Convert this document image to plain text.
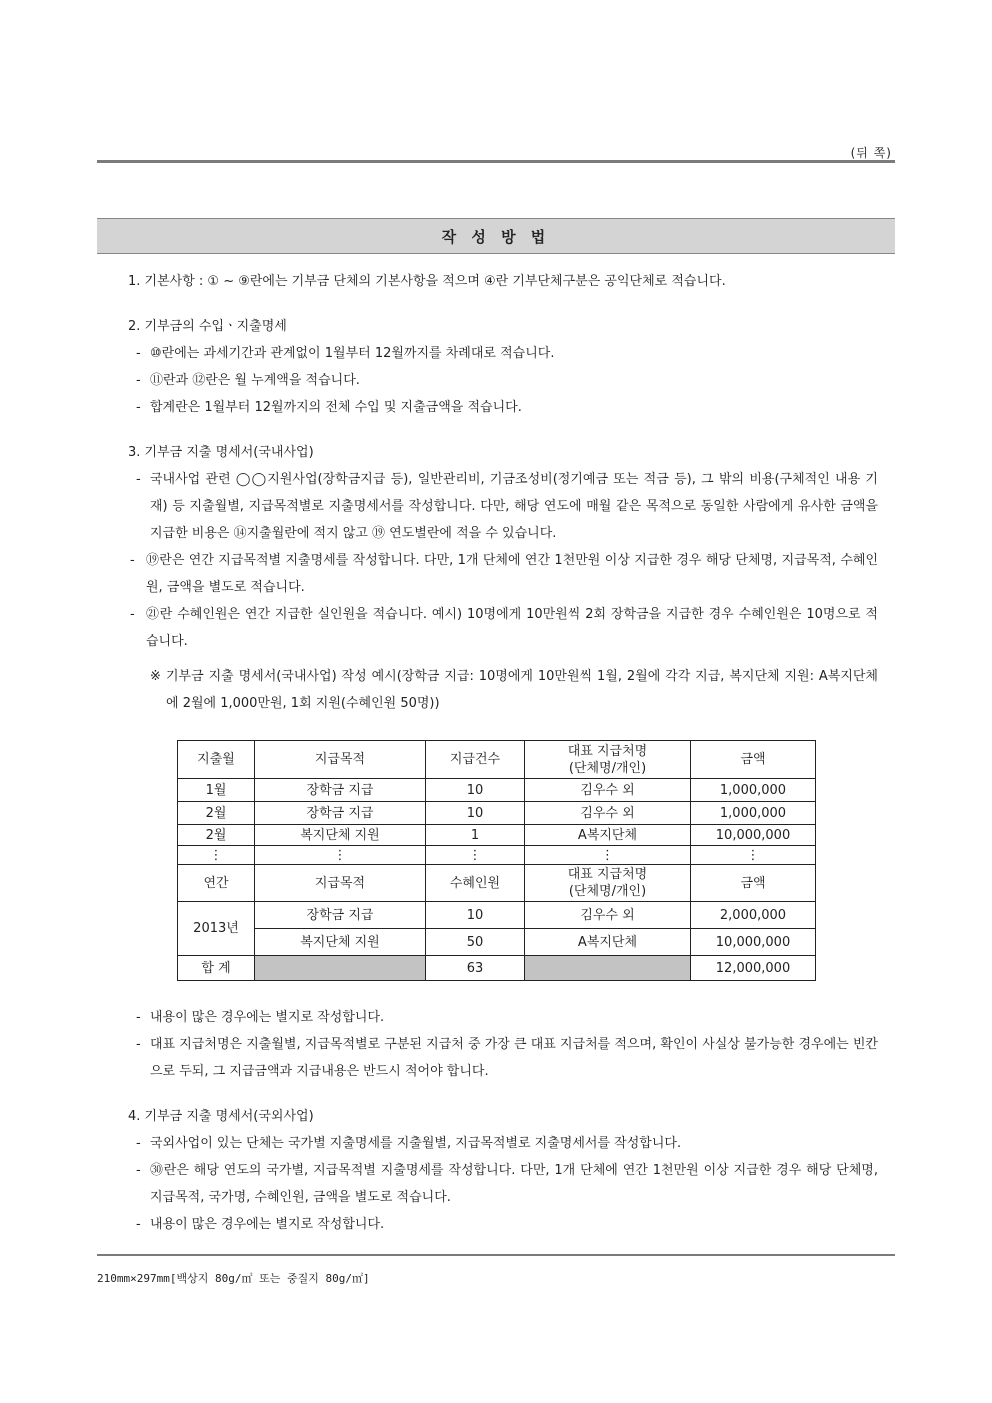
(뒤 쪽)
작 성 방 법

1. 기본사항 : ① ~ ⑨란에는 기부금 단체의 기본사항을 적으며 ④란 기부단체구분은 공익단체로 적습니다.

2. 기부금의 수입ㆍ지출명세

- ⑩란에는 과세기간과 관계없이 1월부터 12월까지를 차례대로 적습니다.

- ⑪란과 ⑫란은 월 누계액을 적습니다.

- 합계란은 1월부터 12월까지의 전체 수입 및 지출금액을 적습니다.

3. 기부금 지출 명세서(국내사업)

- 국내사업 관련 ◯◯지원사업(장학금지급 등), 일반관리비, 기금조성비(정기예금 또는 적금 등), 그 밖의 비용(구체적인 내용 기재) 등 지출월별, 지급목적별로 지출명세서를 작성합니다. 다만, 해당 연도에 매월 같은 목적으로 동일한 사람에게 유사한 금액을 지급한 비용은 ⑭지출월란에 적지 않고 ⑲ 연도별란에 적을 수 있습니다.

- ⑲란은 연간 지급목적별 지출명세를 작성합니다. 다만, 1개 단체에 연간 1천만원 이상 지급한 경우 해당 단체명, 지급목적, 수혜인원, 금액을 별도로 적습니다.

- ㉑란 수혜인원은 연간 지급한 실인원을 적습니다. 예시) 10명에게 10만원씩 2회 장학금을 지급한 경우 수혜인원은 10명으로 적습니다.

※ 기부금 지출 명세서(국내사업) 작성 예시(장학금 지급: 10명에게 10만원씩 1월, 2월에 각각 지급, 복지단체 지원: A복지단체에 2월에 1,000만원, 1회 지원(수혜인원 50명))

지출월	지급목적	지급건수	대표 지급처명
(단체명/개인)	금액
1월	장학금 지급	10	김우수 외	1,000,000
2월	장학금 지급	10	김우수 외	1,000,000
2월	복지단체 지원	1	A복지단체	10,000,000
⋮	⋮	⋮	⋮	⋮
연간	지급목적	수혜인원	대표 지급처명
(단체명/개인)	금액
2013년	장학금 지급	10	김우수 외	2,000,000
	복지단체 지원	50	A복지단체	10,000,000
합 계		63		12,000,000

- 내용이 많은 경우에는 별지로 작성합니다.

- 대표 지급처명은 지출월별, 지급목적별로 구분된 지급처 중 가장 큰 대표 지급처를 적으며, 확인이 사실상 불가능한 경우에는 빈칸으로 두되, 그 지급금액과 지급내용은 반드시 적어야 합니다.

4. 기부금 지출 명세서(국외사업)

- 국외사업이 있는 단체는 국가별 지출명세를 지출월별, 지급목적별로 지출명세서를 작성합니다.

- ㉚란은 해당 연도의 국가별, 지급목적별 지출명세를 작성합니다. 다만, 1개 단체에 연간 1천만원 이상 지급한 경우 해당 단체명, 지급목적, 국가명, 수혜인원, 금액을 별도로 적습니다.

- 내용이 많은 경우에는 별지로 작성합니다.

210mm×297mm[백상지 80g/㎡ 또는 중질지 80g/㎡]
